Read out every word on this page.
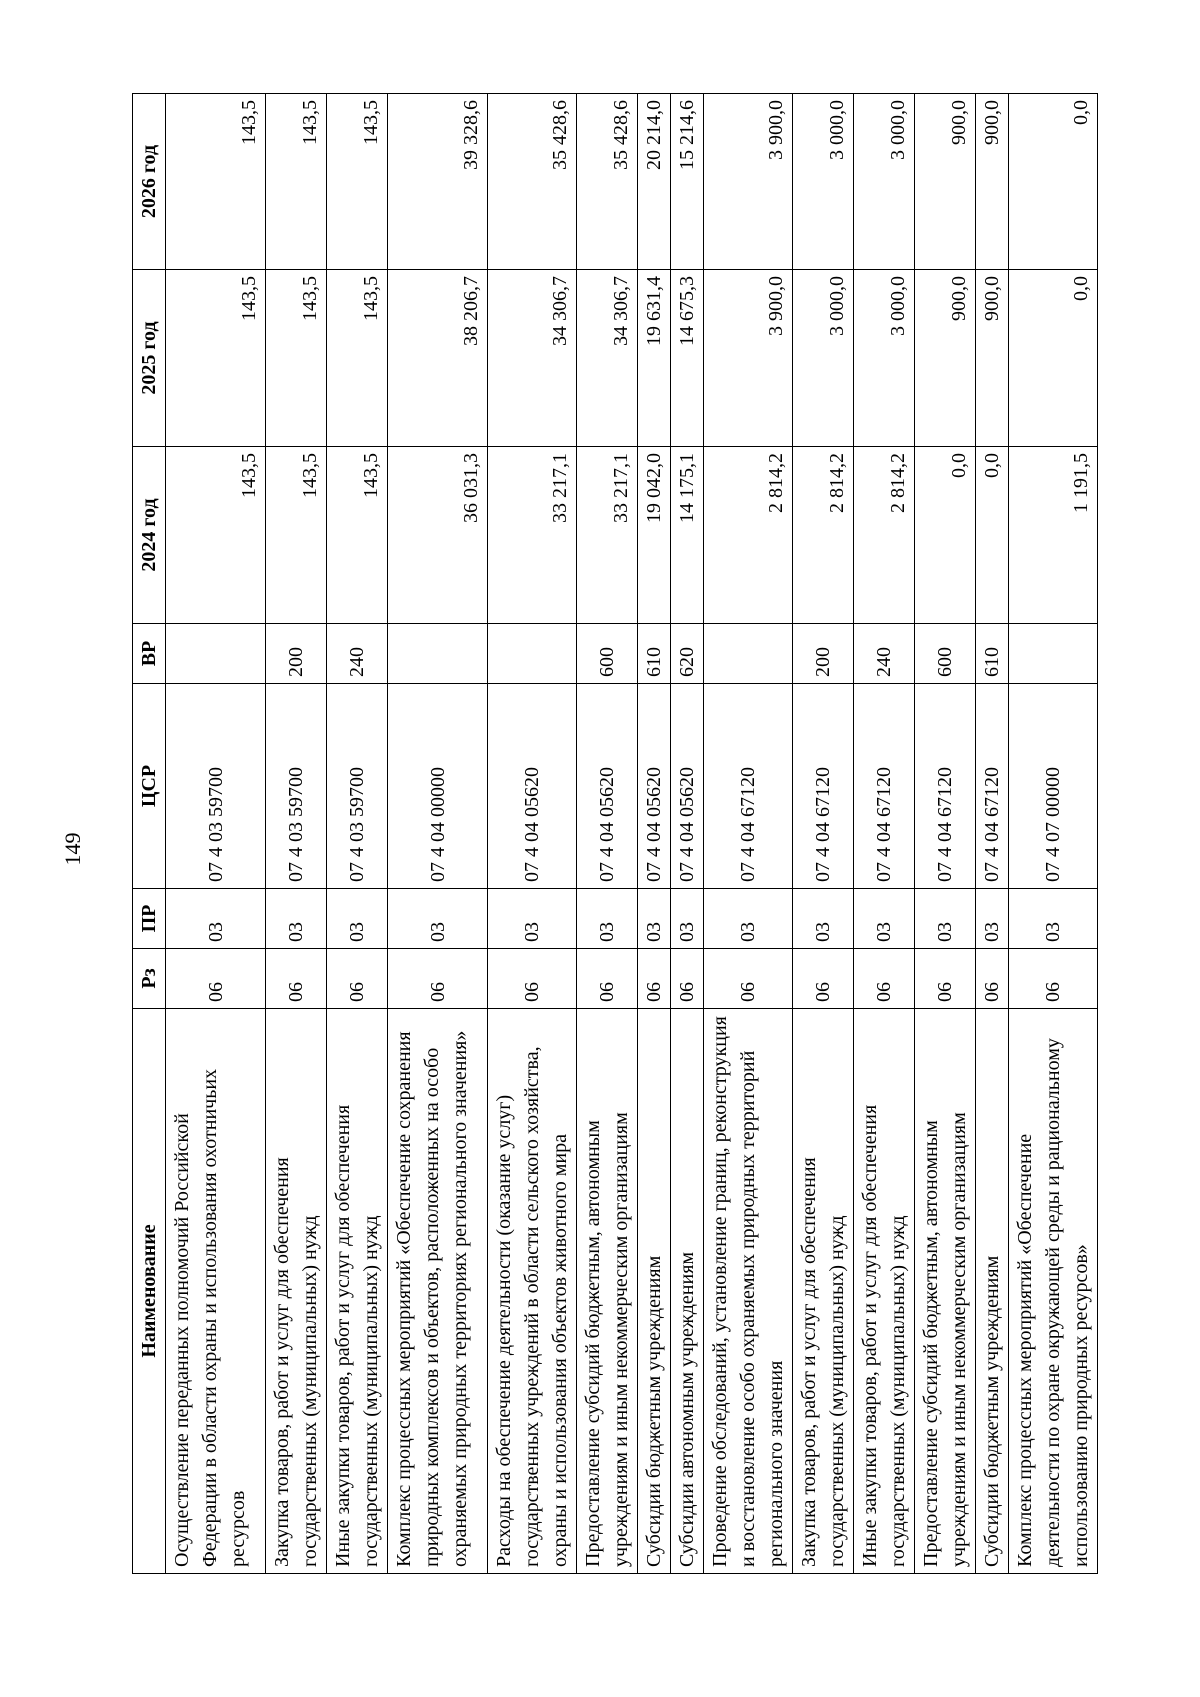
149
Наименование	Рз	ПР	ЦСР	ВР	2024 год	2025 год	2026 год
Осуществление переданных полномочий Российской Федерации в области охраны и использования охотничьих ресурсов	06	03	07 4 03 59700		143,5	143,5	143,5
Закупка товаров, работ и услуг для обеспечения государственных (муниципальных) нужд	06	03	07 4 03 59700	200	143,5	143,5	143,5
Иные закупки товаров, работ и услуг для обеспечения государственных (муниципальных) нужд	06	03	07 4 03 59700	240	143,5	143,5	143,5
Комплекс процессных мероприятий «Обеспечение сохранения природных комплексов и объектов, расположенных на особо охраняемых природных территориях регионального значения»	06	03	07 4 04 00000		36 031,3	38 206,7	39 328,6
Расходы на обеспечение деятельности (оказание услуг) государственных учреждений в области сельского хозяйства, охраны и использования объектов животного мира	06	03	07 4 04 05620		33 217,1	34 306,7	35 428,6
Предоставление субсидий бюджетным, автономным учреждениям и иным некоммерческим организациям	06	03	07 4 04 05620	600	33 217,1	34 306,7	35 428,6
Субсидии бюджетным учреждениям	06	03	07 4 04 05620	610	19 042,0	19 631,4	20 214,0
Субсидии автономным учреждениям	06	03	07 4 04 05620	620	14 175,1	14 675,3	15 214,6
Проведение обследований, установление границ, реконструкция и восстановление особо охраняемых природных территорий регионального значения	06	03	07 4 04 67120		2 814,2	3 900,0	3 900,0
Закупка товаров, работ и услуг для обеспечения государственных (муниципальных) нужд	06	03	07 4 04 67120	200	2 814,2	3 000,0	3 000,0
Иные закупки товаров, работ и услуг для обеспечения государственных (муниципальных) нужд	06	03	07 4 04 67120	240	2 814,2	3 000,0	3 000,0
Предоставление субсидий бюджетным, автономным учреждениям и иным некоммерческим организациям	06	03	07 4 04 67120	600	0,0	900,0	900,0
Субсидии бюджетным учреждениям	06	03	07 4 04 67120	610	0,0	900,0	900,0
Комплекс процессных мероприятий «Обеспечение деятельности по охране окружающей среды и рациональному использованию природных ресурсов»	06	03	07 4 07 00000		1 191,5	0,0	0,0
